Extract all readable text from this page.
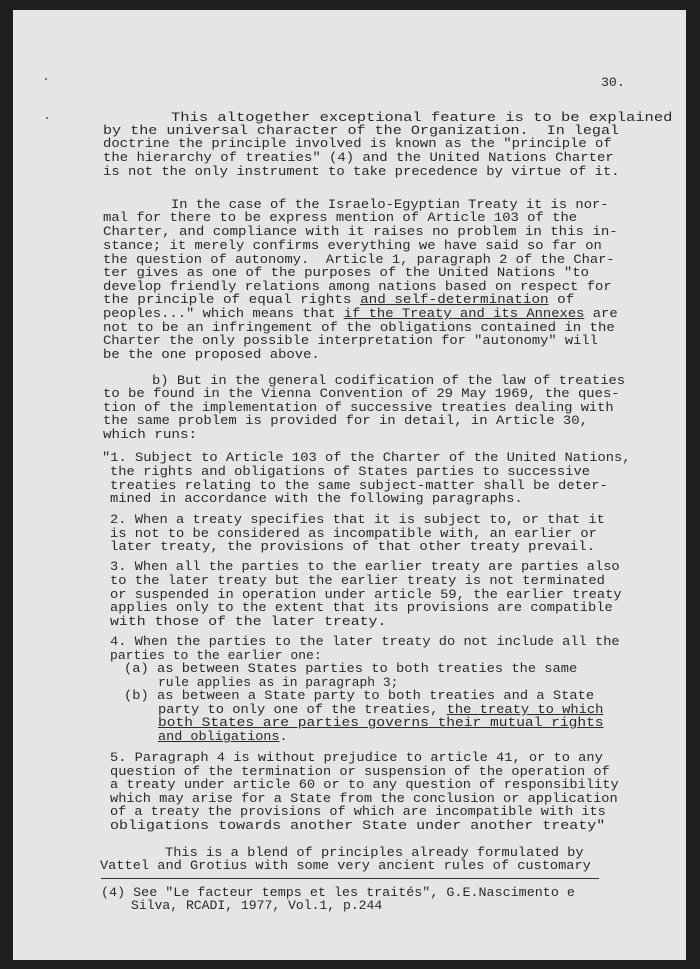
30.
This altogether exceptional feature is to be explained
by the universal character of the Organization.  In legal
doctrine the principle involved is known as the "principle of
the hierarchy of treaties" (4) and the United Nations Charter
is not the only instrument to take precedence by virtue of it.
In the case of the Israelo-Egyptian Treaty it is nor-
mal for there to be express mention of Article 103 of the
Charter, and compliance with it raises no problem in this in-
stance; it merely confirms everything we have said so far on
the question of autonomy.  Article 1, paragraph 2 of the Char-
ter gives as one of the purposes of the United Nations "to
develop friendly relations among nations based on respect for
the principle of equal rights and self-determination of
peoples..." which means that if the Treaty and its Annexes are
not to be an infringement of the obligations contained in the
Charter the only possible interpretation for "autonomy" will
be the one proposed above.
b) But in the general codification of the law of treaties
to be found in the Vienna Convention of 29 May 1969, the ques-
tion of the implementation of successive treaties dealing with
the same problem is provided for in detail, in Article 30,
which runs:
"1. Subject to Article 103 of the Charter of the United Nations,
the rights and obligations of States parties to successive
treaties relating to the same subject-matter shall be deter-
mined in accordance with the following paragraphs.
2. When a treaty specifies that it is subject to, or that it
is not to be considered as incompatible with, an earlier or
later treaty, the provisions of that other treaty prevail.
3. When all the parties to the earlier treaty are parties also
to the later treaty but the earlier treaty is not terminated
or suspended in operation under article 59, the earlier treaty
applies only to the extent that its provisions are compatible
with those of the later treaty.
4. When the parties to the later treaty do not include all the
parties to the earlier one:
(a) as between States parties to both treaties the same
rule applies as in paragraph 3;
(b) as between a State party to both treaties and a State
party to only one of the treaties, the treaty to which
both States are parties governs their mutual rights
and obligations.
5. Paragraph 4 is without prejudice to article 41, or to any
question of the termination or suspension of the operation of
a treaty under article 60 or to any question of responsibility
which may arise for a State from the conclusion or application
of a treaty the provisions of which are incompatible with its
obligations towards another State under another treaty"
This is a blend of principles already formulated by
Vattel and Grotius with some very ancient rules of customary
(4) See "Le facteur temps et les traités", G.E.Nascimento e
Silva, RCADI, 1977, Vol.1, p.244
